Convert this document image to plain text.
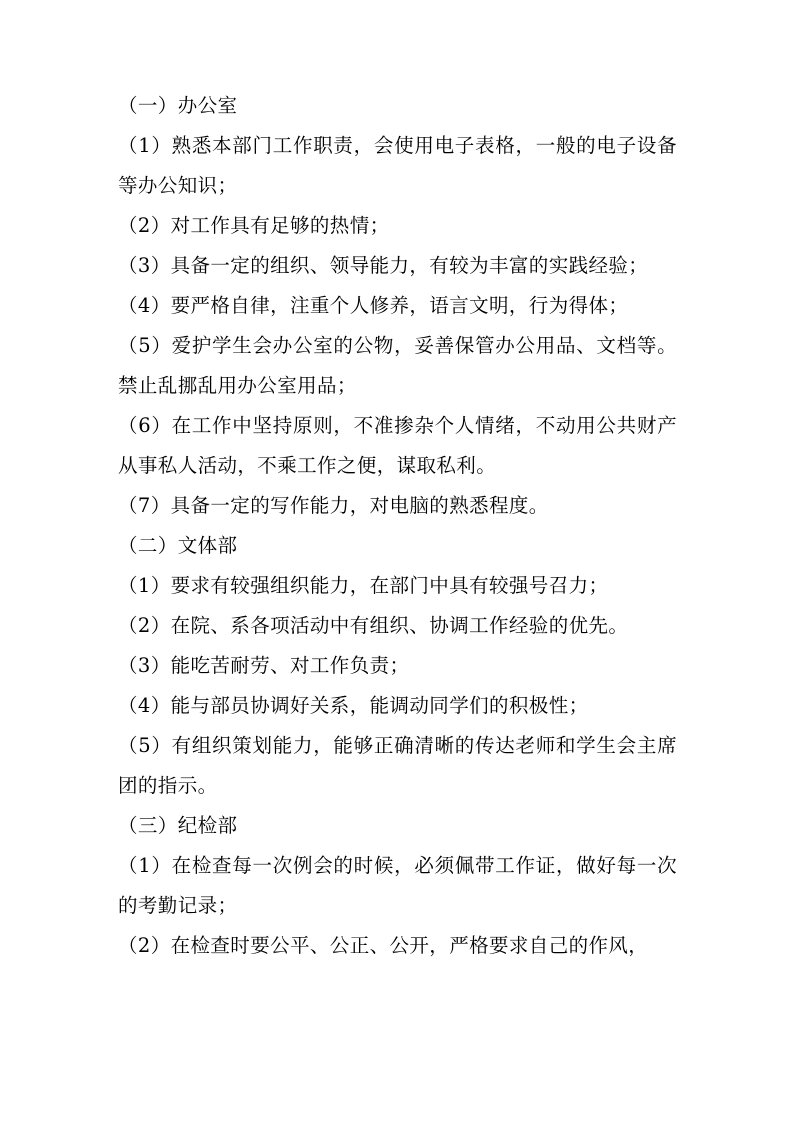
（一）办公室

（1）熟悉本部门工作职责，会使用电子表格，一般的电子设备等办公知识；

（2）对工作具有足够的热情；

（3）具备一定的组织、领导能力，有较为丰富的实践经验；

（4）要严格自律，注重个人修养，语言文明，行为得体；

（5）爱护学生会办公室的公物，妥善保管办公用品、文档等。禁止乱挪乱用办公室用品；

（6）在工作中坚持原则，不准掺杂个人情绪，不动用公共财产从事私人活动，不乘工作之便，谋取私利。

（7）具备一定的写作能力，对电脑的熟悉程度。

（二）文体部

（1）要求有较强组织能力，在部门中具有较强号召力；

（2）在院、系各项活动中有组织、协调工作经验的优先。

（3）能吃苦耐劳、对工作负责；

（4）能与部员协调好关系，能调动同学们的积极性；

（5）有组织策划能力，能够正确清晰的传达老师和学生会主席团的指示。

（三）纪检部

（1）在检查每一次例会的时候，必须佩带工作证，做好每一次的考勤记录；

（2）在检查时要公平、公正、公开，严格要求自己的作风，
